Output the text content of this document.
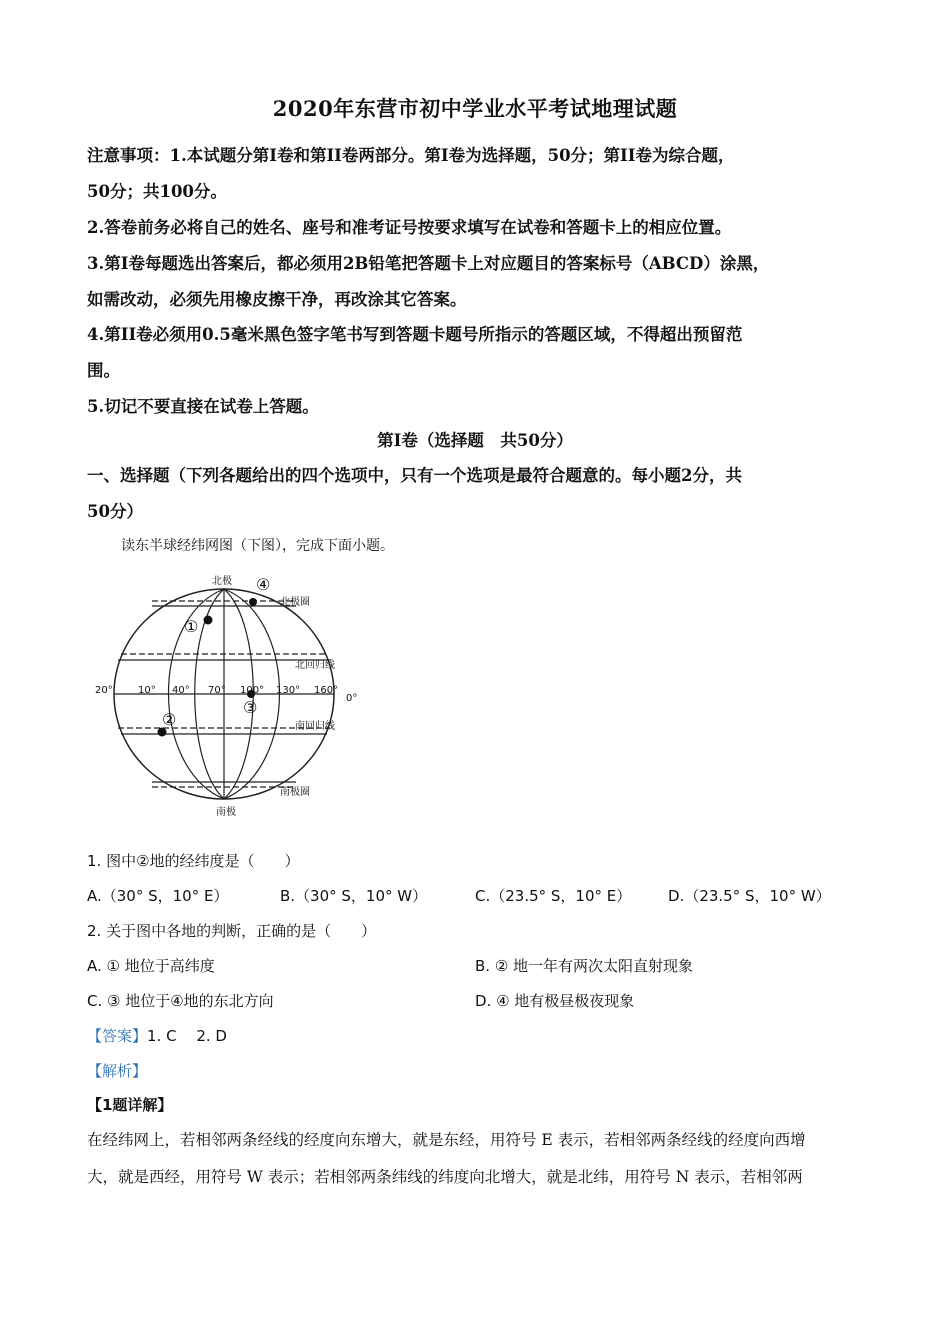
2020年东营市初中学业水平考试地理试题
注意事项：1.本试题分第Ⅰ卷和第II卷两部分。第Ⅰ卷为选择题，50分；第II卷为综合题，
50分；共100分。
2.答卷前务必将自己的姓名、座号和准考证号按要求填写在试卷和答题卡上的相应位置。
3.第Ⅰ卷每题选出答案后，都必须用2B铅笔把答题卡上对应题目的答案标号（ABCD）涂黑，
如需改动，必须先用橡皮擦干净，再改涂其它答案。
4.第II卷必须用0.5毫米黑色签字笔书写到答题卡题号所指示的答题区域，不得超出预留范
围。
5.切记不要直接在试卷上答题。
第Ⅰ卷（选择题　共50分）
一、选择题（下列各题给出的四个选项中，只有一个选项是最符合题意的。每小题2分，共
50分）
读东半球经纬网图（下图），完成下面小题。
北极
南极
北极圈
北回归线
南回归线
南极圈
20°	10° 40° 70° 100° 130° 160°
0°
①
②
③
④
1. 图中②地的经纬度是（　　）
A.（30° S，10° E）	B.（30° S，10° W）	C.（23.5° S，10° E） D.（23.5° S，10° W）
2. 关于图中各地的判断，正确的是（　　）
A. ① 地位于高纬度	B. ② 地一年有两次太阳直射现象
C. ③ 地位于④地的东北方向	D. ④ 地有极昼极夜现象
【答案】1. C　 2. D
【解析】
【1题详解】
在经纬网上，若相邻两条经线的经度向东增大，就是东经，用符号 E 表示，若相邻两条经线的经度向西增
大，就是西经，用符号 W 表示；若相邻两条纬线的纬度向北增大，就是北纬，用符号 N 表示，若相邻两
